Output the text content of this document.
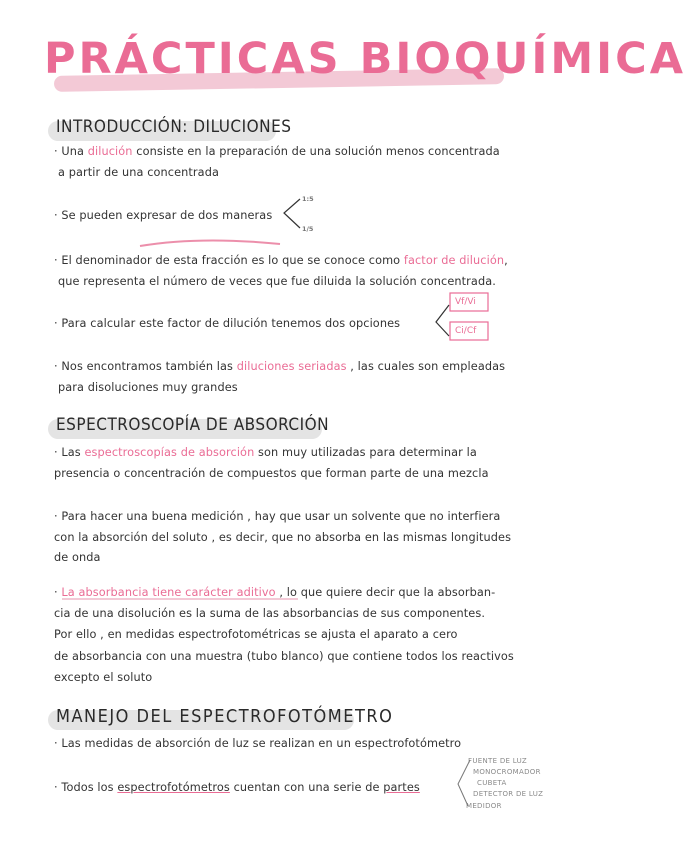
PRÁCTICAS BIOQUÍMICA
INTRODUCCIÓN: DILUCIONES
· Una dilución consiste en la preparación de una solución menos concentrada
a partir de una concentrada
· Se pueden expresar de dos maneras
1:5
1/5
· El denominador de esta fracción es lo que se conoce como factor de dilución,
que representa el número de veces que fue diluida la solución concentrada.
· Para calcular este factor de dilución tenemos dos opciones
Vf/Vi
Ci/Cf
· Nos encontramos también las diluciones seriadas , las cuales son empleadas
para disoluciones muy grandes
ESPECTROSCOPÍA DE ABSORCIÓN
· Las espectroscopías de absorción son muy utilizadas para determinar la
presencia o concentración de compuestos que forman parte de una mezcla
· Para hacer una buena medición , hay que usar un solvente que no interfiera
con la absorción del soluto , es decir, que no absorba en las mismas longitudes
de onda
· La absorbancia tiene carácter aditivo , lo que quiere decir que la absorban-
cia de una disolución es la suma de las absorbancias de sus componentes.
Por ello , en medidas espectrofotométricas se ajusta el aparato a cero
de absorbancia con una muestra (tubo blanco) que contiene todos los reactivos
excepto el soluto
MANEJO DEL ESPECTROFOTÓMETRO
· Las medidas de absorción de luz se realizan en un espectrofotómetro
· Todos los espectrofotómetros cuentan con una serie de partes
FUENTE DE LUZ
MONOCROMADOR
CUBETA
DETECTOR DE LUZ
MEDIDOR
